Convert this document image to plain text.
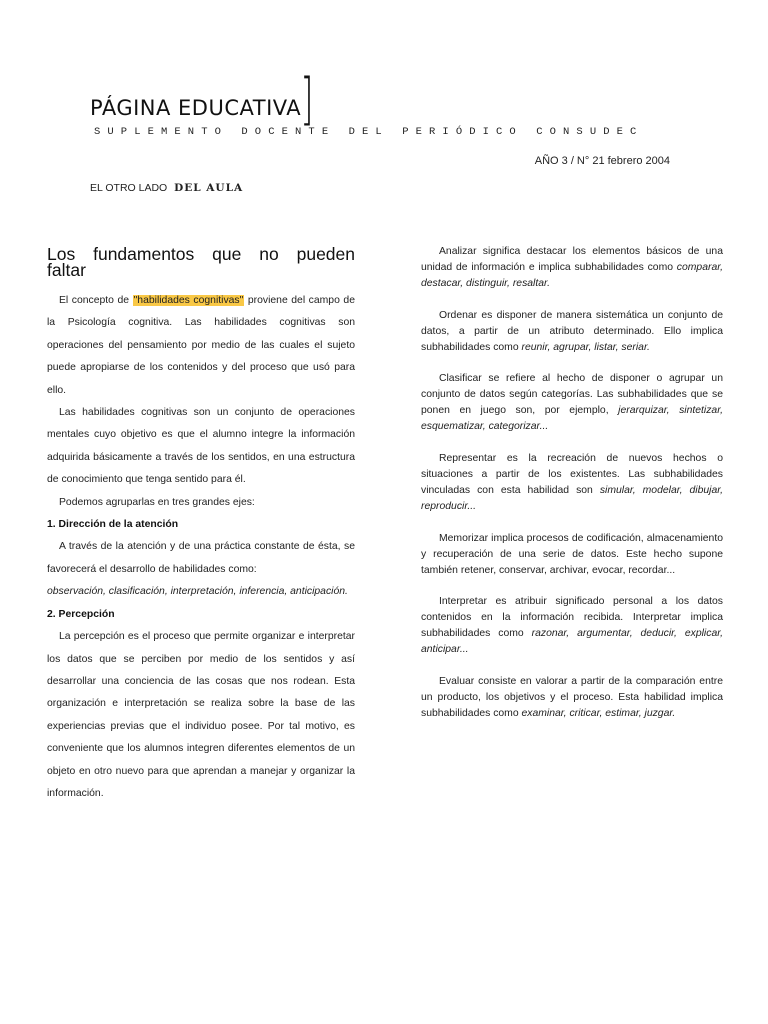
PÁGINA EDUCATIVA ]
SUPLEMENTO DOCENTE DEL PERIÓDICO CONSUDEC
AÑO 3 / N° 21 febrero 2004
EL OTRO LADO DEL AULA
Los fundamentos que no pueden
faltar

El concepto de "habilidades cognitivas" proviene del campo de la Psicología cognitiva. Las habilidades cognitivas son operaciones del pensamiento por medio de las cuales el sujeto puede apropiarse de los contenidos y del proceso que usó para ello.

Las habilidades cognitivas son un conjunto de operaciones mentales cuyo objetivo es que el alumno integre la información adquirida básicamente a través de los sentidos, en una estructura de conocimiento que tenga sentido para él.

Podemos agruparlas en tres grandes ejes:

1. Dirección de la atención

A través de la atención y de una práctica constante de ésta, se favorecerá el desarrollo de habilidades como:

observación, clasificación, interpretación, inferencia, anticipación.

2. Percepción

La percepción es el proceso que permite organizar e interpretar los datos que se perciben por medio de los sentidos y así desarrollar una conciencia de las cosas que nos rodean. Esta organización e interpretación se realiza sobre la base de las experiencias previas que el individuo posee. Por tal motivo, es conveniente que los alumnos integren diferentes elementos de un objeto en otro nuevo para que aprendan a manejar y organizar la información.

Analizar significa destacar los elementos básicos de una unidad de información e implica subhabilidades como comparar, destacar, distinguir, resaltar.

Ordenar es disponer de manera sistemática un conjunto de datos, a partir de un atributo determinado. Ello implica subhabilidades como reunir, agrupar, listar, seriar.

Clasificar se refiere al hecho de disponer o agrupar un conjunto de datos según categorías. Las subhabilidades que se ponen en juego son, por ejemplo, jerarquizar, sintetizar, esquematizar, categorizar...

Representar es la recreación de nuevos hechos o situaciones a partir de los existentes. Las subhabilidades vinculadas con esta habilidad son simular, modelar, dibujar, reproducir...

Memorizar implica procesos de codificación, almacenamiento y recuperación de una serie de datos. Este hecho supone también retener, conservar, archivar, evocar, recordar...

Interpretar es atribuir significado personal a los datos contenidos en la información recibida. Interpretar implica subhabilidades como razonar, argumentar, deducir, explicar, anticipar...

Evaluar consiste en valorar a partir de la comparación entre un producto, los objetivos y el proceso. Esta habilidad implica subhabilidades como examinar, criticar, estimar, juzgar.
